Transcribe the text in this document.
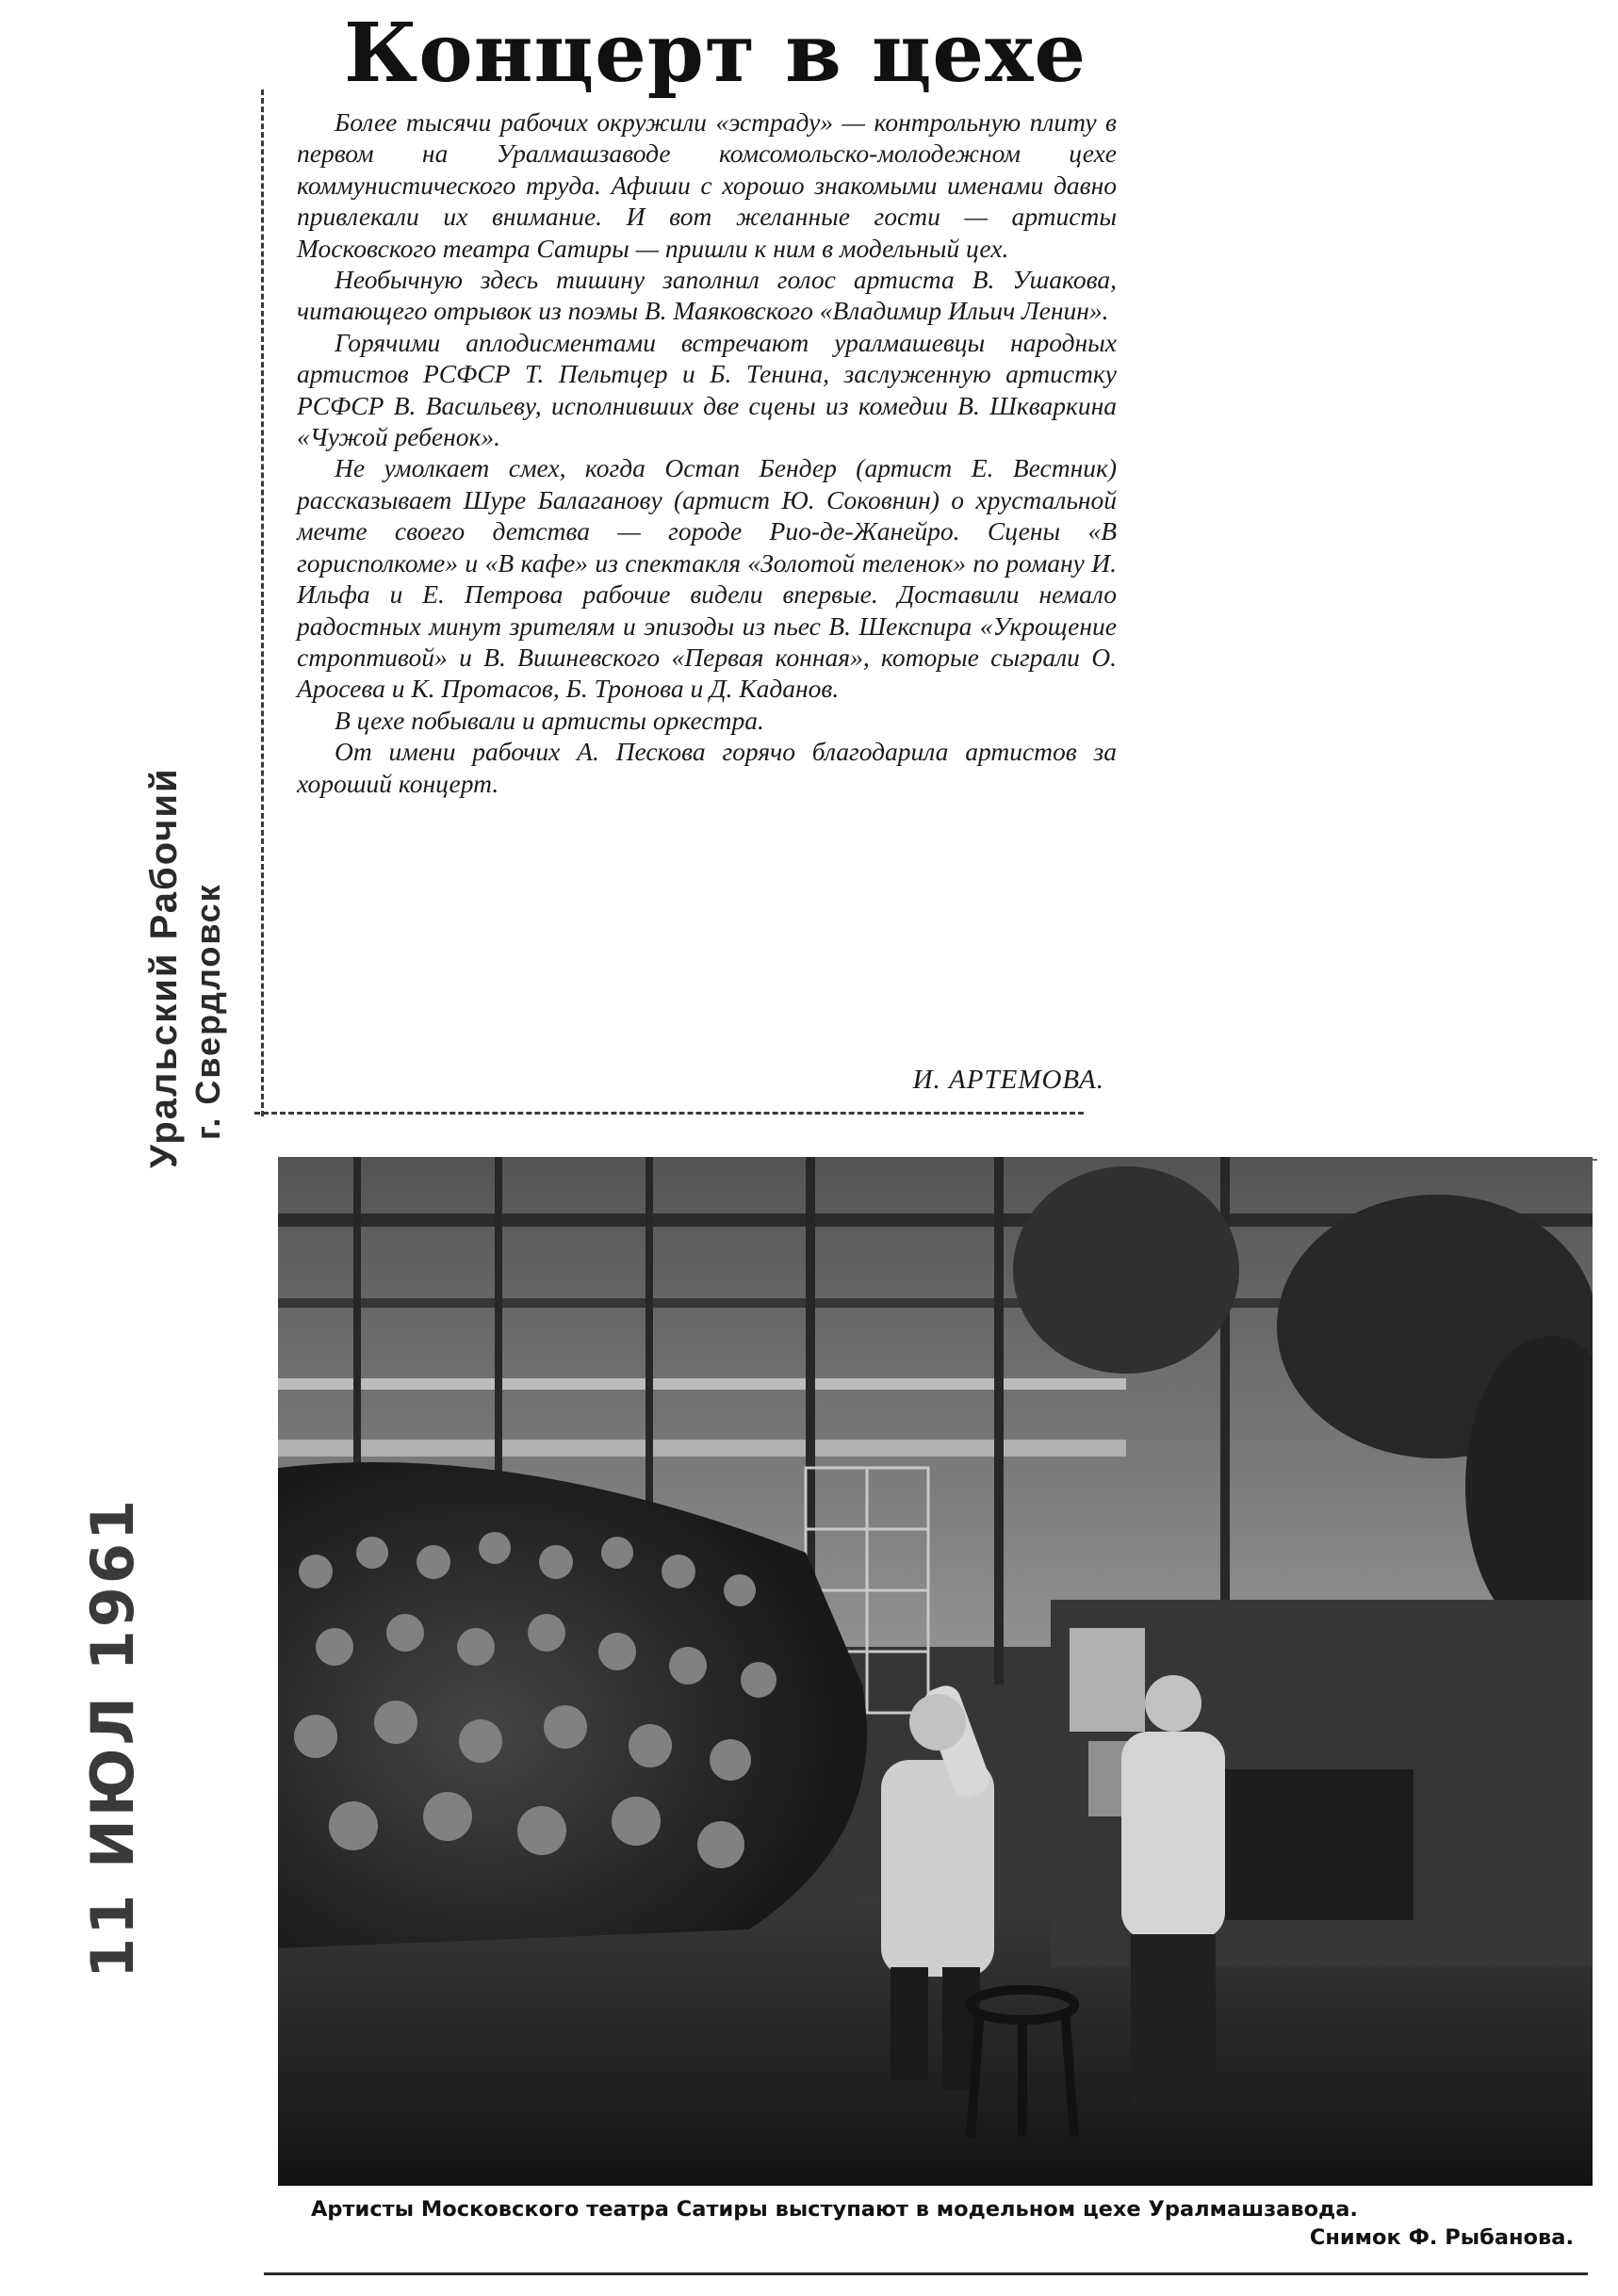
Концерт в цехе

Более тысячи рабочих окружили «эстраду» — контрольную плиту в первом на Уралмашзаводе комсомольско-молодежном цехе коммунистического труда. Афиши с хорошо знакомыми именами давно привлекали их внимание. И вот желанные гости — артисты Московского театра Сатиры — пришли к ним в модельный цех.

Необычную здесь тишину заполнил голос артиста В. Ушакова, читающего отрывок из поэмы В. Маяковского «Владимир Ильич Ленин».

Горячими аплодисментами встречают уралмашевцы народных артистов РСФСР Т. Пельтцер и Б. Тенина, заслуженную артистку РСФСР В. Васильеву, исполнивших две сцены из комедии В. Шкваркина «Чужой ребенок».

Не умолкает смех, когда Остап Бендер (артист Е. Вестник) рассказывает Шуре Балаганову (артист Ю. Соковнин) о хрустальной мечте своего детства — городе Рио-де-Жанейро. Сцены «В горисполкоме» и «В кафе» из спектакля «Золотой теленок» по роману И. Ильфа и Е. Петрова рабочие видели впервые. Доставили немало радостных минут зрителям и эпизоды из пьес В. Шекспира «Укрощение строптивой» и В. Вишневского «Первая конная», которые сыграли О. Аросева и К. Протасов, Б. Тронова и Д. Каданов.

В цехе побывали и артисты оркестра.

От имени рабочих А. Пескова горячо благодарила артистов за хороший концерт.

И. АРТЕМОВА.
Уральский Рабочий г. Свердловск
11 ИЮЛ 1961
Артисты Московского театра Сатиры выступают в модельном цехе Уралмашзавода.
Снимок Ф. Рыбанова.
